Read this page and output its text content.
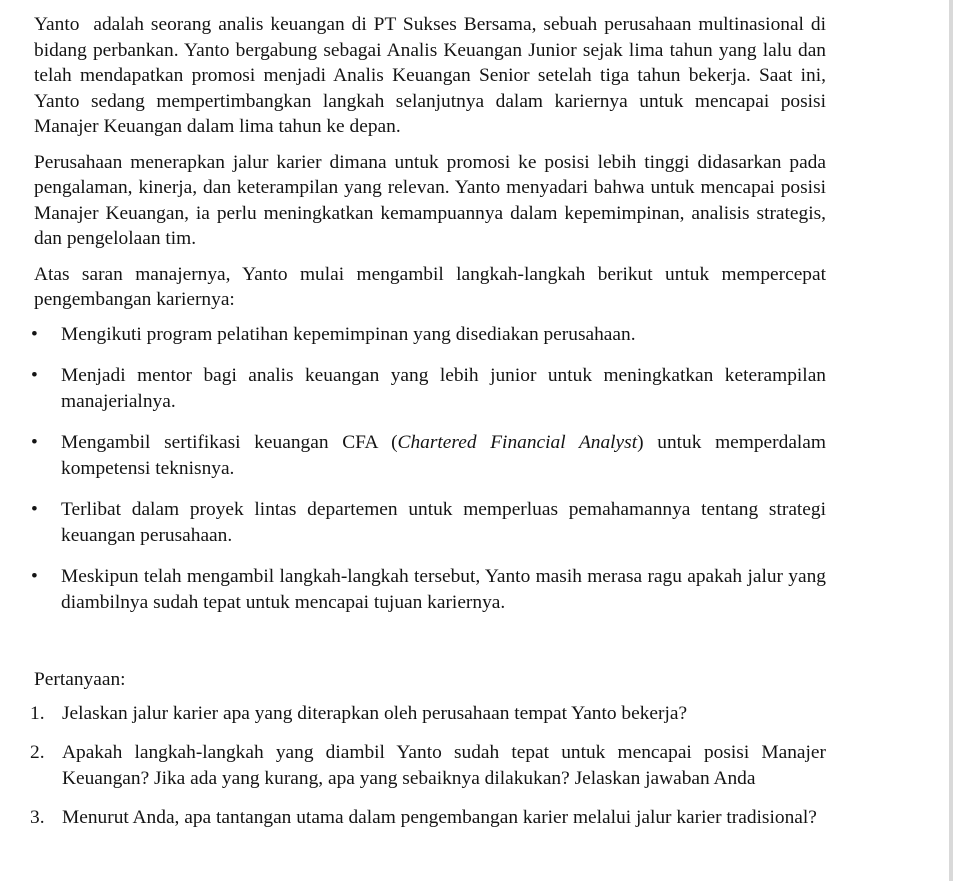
Yanto  adalah seorang analis keuangan di PT Sukses Bersama, sebuah perusahaan multinasional di bidang perbankan. Yanto bergabung sebagai Analis Keuangan Junior sejak lima tahun yang lalu dan telah mendapatkan promosi menjadi Analis Keuangan Senior setelah tiga tahun bekerja. Saat ini, Yanto sedang mempertimbangkan langkah selanjutnya dalam kariernya untuk mencapai posisi Manajer Keuangan dalam lima tahun ke depan.

Perusahaan menerapkan jalur karier dimana untuk promosi ke posisi lebih tinggi didasarkan pada pengalaman, kinerja, dan keterampilan yang relevan. Yanto menyadari bahwa untuk mencapai posisi Manajer Keuangan, ia perlu meningkatkan kemampuannya dalam kepemimpinan, analisis strategis, dan pengelolaan tim.

Atas saran manajernya, Yanto mulai mengambil langkah-langkah berikut untuk mempercepat pengembangan kariernya:

• Mengikuti program pelatihan kepemimpinan yang disediakan perusahaan.
• Menjadi mentor bagi analis keuangan yang lebih junior untuk meningkatkan keterampilan manajerialnya.
• Mengambil sertifikasi keuangan CFA (Chartered Financial Analyst) untuk memperdalam kompetensi teknisnya.
• Terlibat dalam proyek lintas departemen untuk memperluas pemahamannya tentang strategi keuangan perusahaan.
• Meskipun telah mengambil langkah-langkah tersebut, Yanto masih merasa ragu apakah jalur yang diambilnya sudah tepat untuk mencapai tujuan kariernya.

Pertanyaan:

1. Jelaskan jalur karier apa yang diterapkan oleh perusahaan tempat Yanto bekerja?
2. Apakah langkah-langkah yang diambil Yanto sudah tepat untuk mencapai posisi Manajer Keuangan? Jika ada yang kurang, apa yang sebaiknya dilakukan? Jelaskan jawaban Anda
3. Menurut Anda, apa tantangan utama dalam pengembangan karier melalui jalur karier tradisional?
